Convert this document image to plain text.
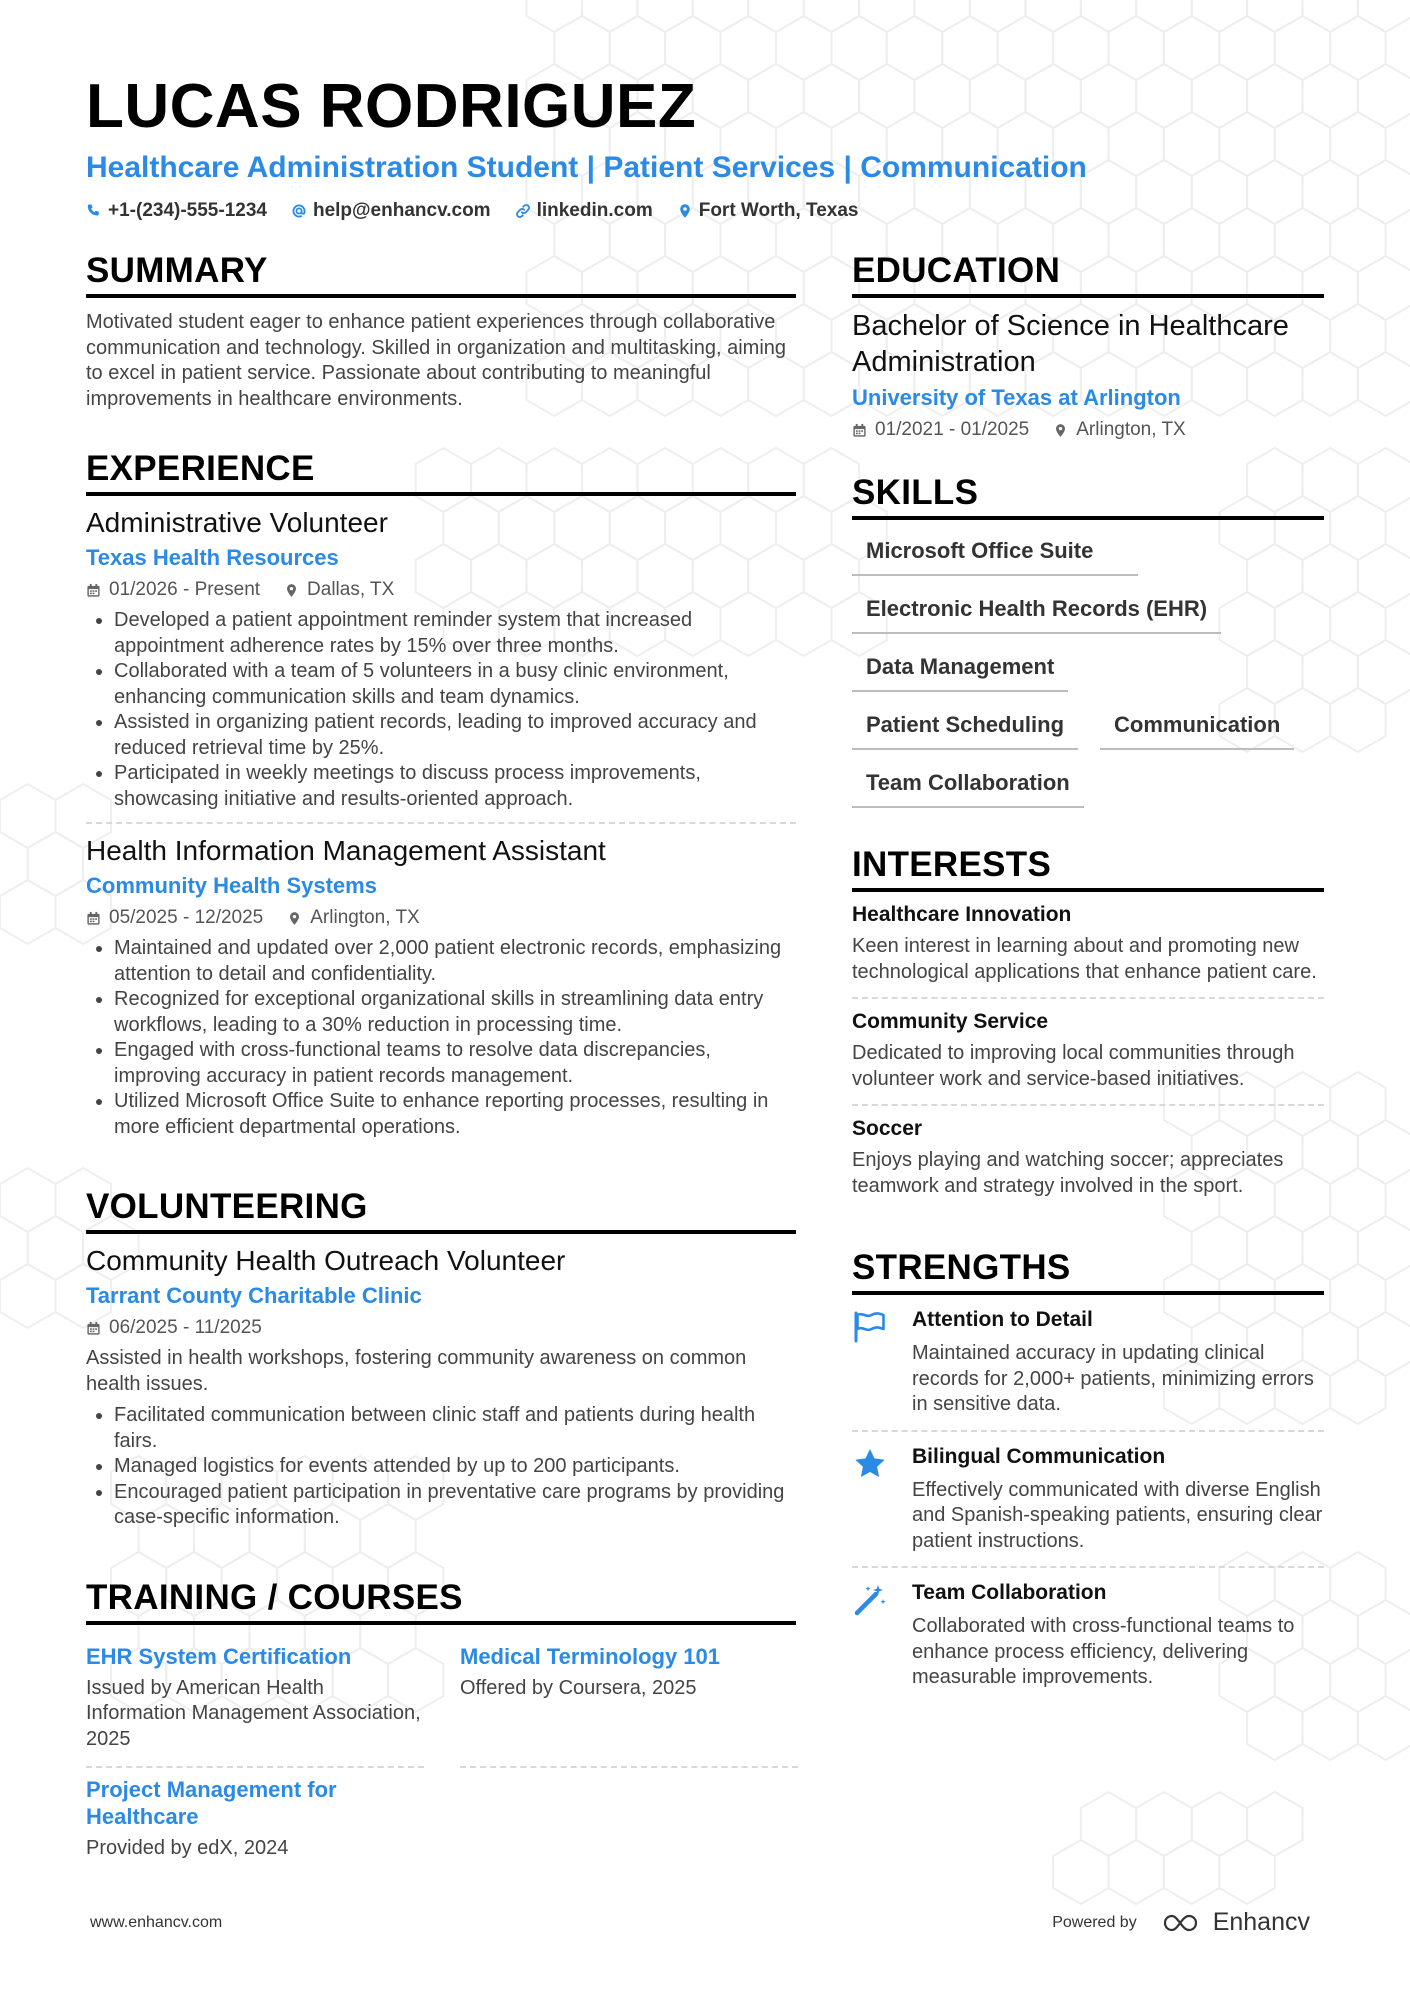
LUCAS RODRIGUEZ
Healthcare Administration Student | Patient Services | Communication
+1-(234)-555-1234 help@enhancv.com linkedin.com Fort Worth, Texas
SUMMARY
Motivated student eager to enhance patient experiences through collaborative communication and technology. Skilled in organization and multitasking, aiming to excel in patient service. Passionate about contributing to meaningful improvements in healthcare environments.
EXPERIENCE
Administrative Volunteer
Texas Health Resources
01/2026 - Present Dallas, TX
• Developed a patient appointment reminder system that increased appointment adherence rates by 15% over three months.
• Collaborated with a team of 5 volunteers in a busy clinic environment, enhancing communication skills and team dynamics.
• Assisted in organizing patient records, leading to improved accuracy and reduced retrieval time by 25%.
• Participated in weekly meetings to discuss process improvements, showcasing initiative and results-oriented approach.
Health Information Management Assistant
Community Health Systems
05/2025 - 12/2025 Arlington, TX
• Maintained and updated over 2,000 patient electronic records, emphasizing attention to detail and confidentiality.
• Recognized for exceptional organizational skills in streamlining data entry workflows, leading to a 30% reduction in processing time.
• Engaged with cross-functional teams to resolve data discrepancies, improving accuracy in patient records management.
• Utilized Microsoft Office Suite to enhance reporting processes, resulting in more efficient departmental operations.
VOLUNTEERING
Community Health Outreach Volunteer
Tarrant County Charitable Clinic
06/2025 - 11/2025
Assisted in health workshops, fostering community awareness on common health issues.
• Facilitated communication between clinic staff and patients during health fairs.
• Managed logistics for events attended by up to 200 participants.
• Encouraged patient participation in preventative care programs by providing case-specific information.
TRAINING / COURSES
EHR System Certification
Issued by American Health Information Management Association, 2025
Medical Terminology 101
Offered by Coursera, 2025
Project Management for Healthcare
Provided by edX, 2024
EDUCATION
Bachelor of Science in Healthcare Administration
University of Texas at Arlington
01/2021 - 01/2025 Arlington, TX
SKILLS
Microsoft Office Suite
Electronic Health Records (EHR)
Data Management
Patient Scheduling	Communication
Team Collaboration
INTERESTS
Healthcare Innovation
Keen interest in learning about and promoting new technological applications that enhance patient care.
Community Service
Dedicated to improving local communities through volunteer work and service-based initiatives.
Soccer
Enjoys playing and watching soccer; appreciates teamwork and strategy involved in the sport.
STRENGTHS
Attention to Detail
Maintained accuracy in updating clinical records for 2,000+ patients, minimizing errors in sensitive data.
Bilingual Communication
Effectively communicated with diverse English and Spanish-speaking patients, ensuring clear patient instructions.
Team Collaboration
Collaborated with cross-functional teams to enhance process efficiency, delivering measurable improvements.
www.enhancv.com	Powered by	Enhancv
